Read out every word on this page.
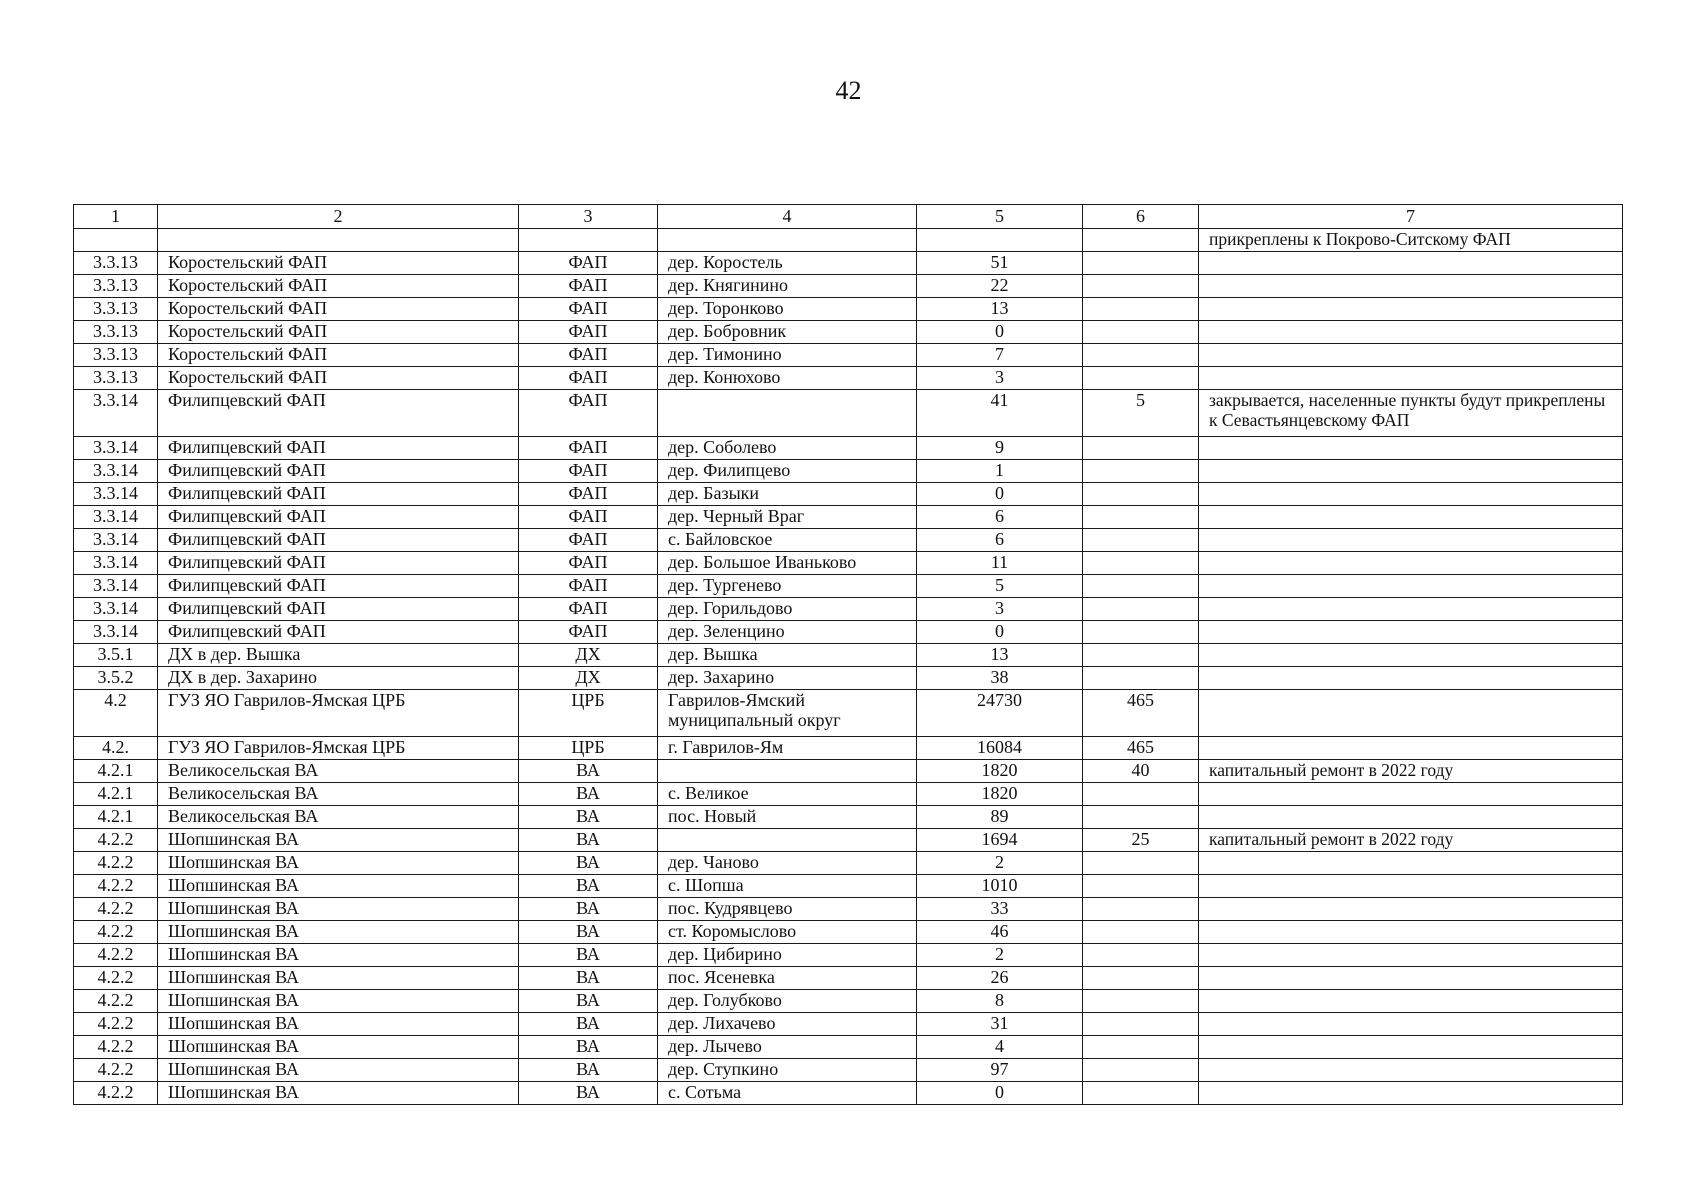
42
1	2	3	4	5	6	7
						прикреплены к Покрово-Ситскому ФАП
3.3.13	Коростельский ФАП	ФАП	дер. Коростель	51		
3.3.13	Коростельский ФАП	ФАП	дер. Княгинино	22		
3.3.13	Коростельский ФАП	ФАП	дер. Торонково	13		
3.3.13	Коростельский ФАП	ФАП	дер. Бобровник	0		
3.3.13	Коростельский ФАП	ФАП	дер. Тимонино	7		
3.3.13	Коростельский ФАП	ФАП	дер. Конюхово	3		
3.3.14	Филипцевский ФАП	ФАП		41	5	закрывается, населенные пункты будут прикреплены к Севастьянцевскому ФАП
3.3.14	Филипцевский ФАП	ФАП	дер. Соболево	9		
3.3.14	Филипцевский ФАП	ФАП	дер. Филипцево	1		
3.3.14	Филипцевский ФАП	ФАП	дер. Базыки	0		
3.3.14	Филипцевский ФАП	ФАП	дер. Черный Враг	6		
3.3.14	Филипцевский ФАП	ФАП	с. Байловское	6		
3.3.14	Филипцевский ФАП	ФАП	дер. Большое Иваньково	11		
3.3.14	Филипцевский ФАП	ФАП	дер. Тургенево	5		
3.3.14	Филипцевский ФАП	ФАП	дер. Горильдово	3		
3.3.14	Филипцевский ФАП	ФАП	дер. Зеленцино	0		
3.5.1	ДХ в дер. Вышка	ДХ	дер. Вышка	13		
3.5.2	ДХ в дер. Захарино	ДХ	дер. Захарино	38		
4.2	ГУЗ ЯО Гаврилов-Ямская ЦРБ	ЦРБ	Гаврилов-Ямский муниципальный округ	24730	465	
4.2.	ГУЗ ЯО Гаврилов-Ямская ЦРБ	ЦРБ	г. Гаврилов-Ям	16084	465	
4.2.1	Великосельская ВА	ВА		1820	40	капитальный ремонт в 2022 году
4.2.1	Великосельская ВА	ВА	с. Великое	1820		
4.2.1	Великосельская ВА	ВА	пос. Новый	89		
4.2.2	Шопшинская ВА	ВА		1694	25	капитальный ремонт в 2022 году
4.2.2	Шопшинская ВА	ВА	дер. Чаново	2		
4.2.2	Шопшинская ВА	ВА	с. Шопша	1010		
4.2.2	Шопшинская ВА	ВА	пос. Кудрявцево	33		
4.2.2	Шопшинская ВА	ВА	ст. Коромыслово	46		
4.2.2	Шопшинская ВА	ВА	дер. Цибирино	2		
4.2.2	Шопшинская ВА	ВА	пос. Ясеневка	26		
4.2.2	Шопшинская ВА	ВА	дер. Голубково	8		
4.2.2	Шопшинская ВА	ВА	дер. Лихачево	31		
4.2.2	Шопшинская ВА	ВА	дер. Лычево	4		
4.2.2	Шопшинская ВА	ВА	дер. Ступкино	97		
4.2.2	Шопшинская ВА	ВА	с. Сотьма	0		
